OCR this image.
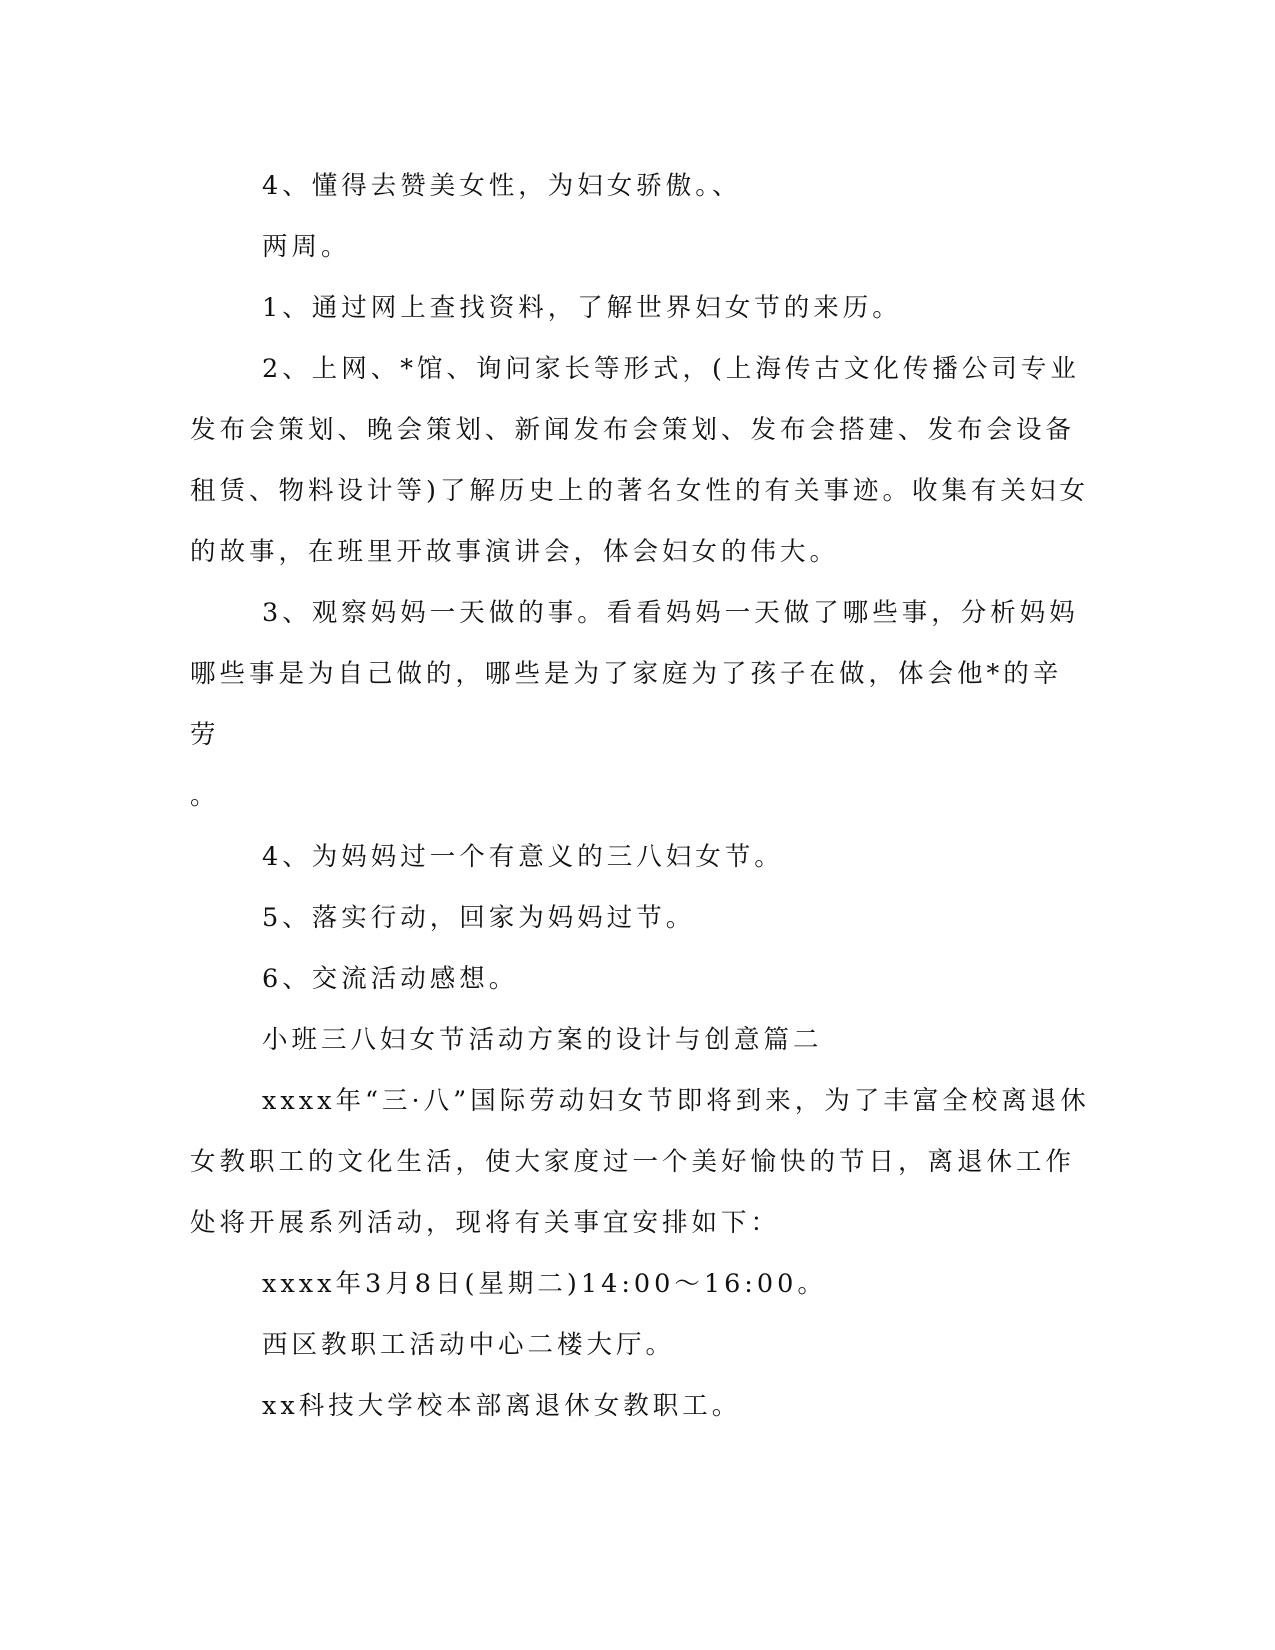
4、懂得去赞美女性，为妇女骄傲。、

两周。

1、通过网上查找资料，了解世界妇女节的来历。

2、上网、*馆、询问家长等形式，(上海传古文化传播公司专业发布会策划、晚会策划、新闻发布会策划、发布会搭建、发布会设备租赁、物料设计等)了解历史上的著名女性的有关事迹。收集有关妇女的故事，在班里开故事演讲会，体会妇女的伟大。

3、观察妈妈一天做的事。看看妈妈一天做了哪些事，分析妈妈哪些事是为自己做的，哪些是为了家庭为了孩子在做，体会他*的辛劳

。

4、为妈妈过一个有意义的三八妇女节。

5、落实行动，回家为妈妈过节。

6、交流活动感想。

小班三八妇女节活动方案的设计与创意篇二

xxxx年“三·八”国际劳动妇女节即将到来，为了丰富全校离退休女教职工的文化生活，使大家度过一个美好愉快的节日，离退休工作处将开展系列活动，现将有关事宜安排如下：

xxxx年3月8日(星期二)14:00～16:00。

西区教职工活动中心二楼大厅。

xx科技大学校本部离退休女教职工。
